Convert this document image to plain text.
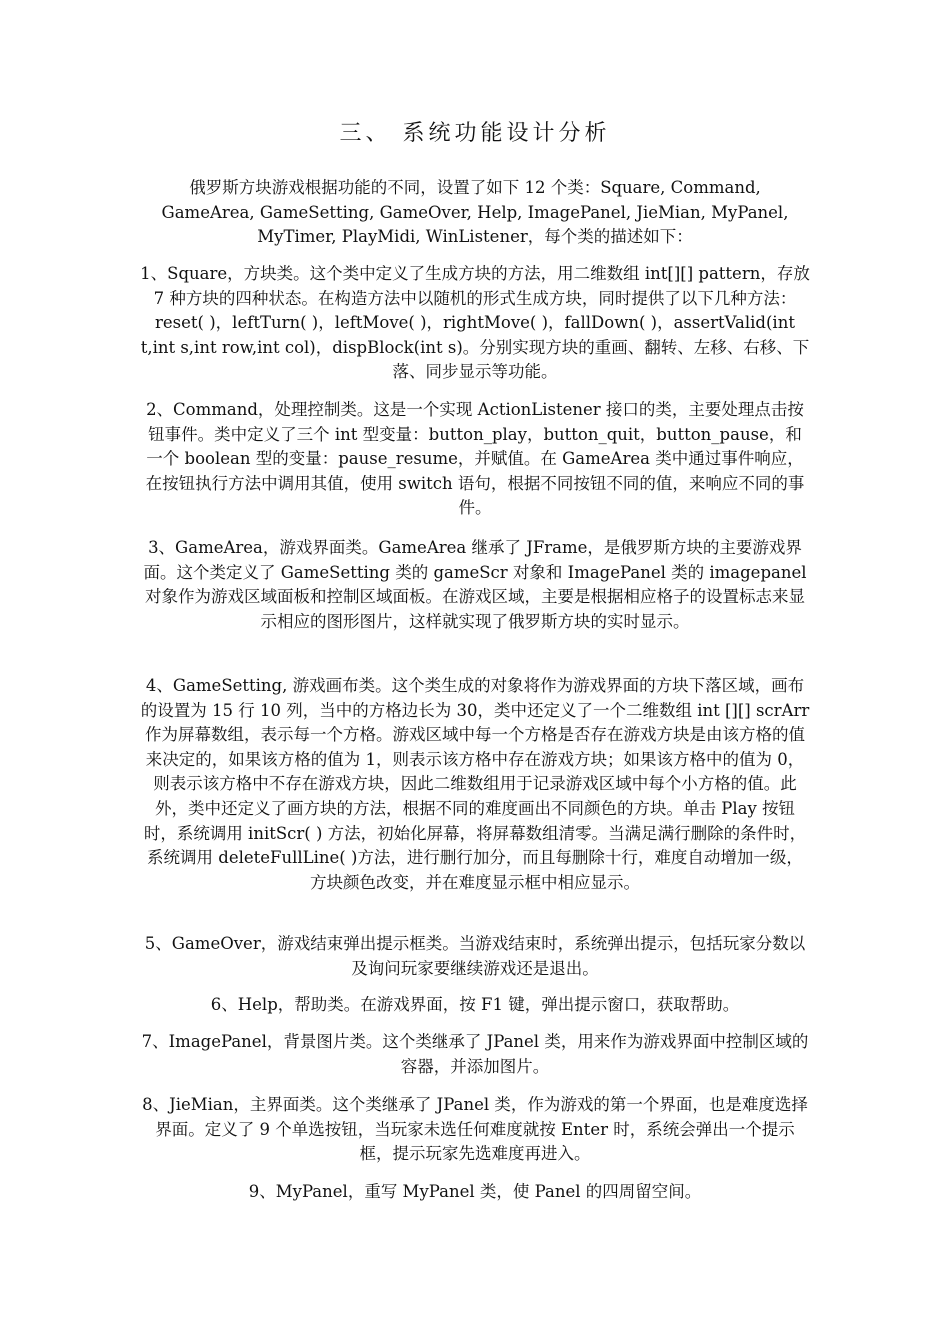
三、 系统功能设计分析

俄罗斯方块游戏根据功能的不同，设置了如下 12 个类：Square, Command, GameArea, GameSetting, GameOver, Help, ImagePanel, JieMian, MyPanel, MyTimer, PlayMidi, WinListener，每个类的描述如下：

1、Square，方块类。这个类中定义了生成方块的方法，用二维数组 int[][] pattern，存放 7 种方块的四种状态。在构造方法中以随机的形式生成方块，同时提供了以下几种方法：reset( )，leftTurn( )，leftMove( )，rightMove( )，fallDown( )，assertValid(int t,int s,int row,int col)，dispBlock(int s)。分别实现方块的重画、翻转、左移、右移、下落、同步显示等功能。

2、Command，处理控制类。这是一个实现 ActionListener 接口的类，主要处理点击按钮事件。类中定义了三个 int 型变量：button_play，button_quit，button_pause，和一个 boolean 型的变量：pause_resume，并赋值。在 GameArea 类中通过事件响应，在按钮执行方法中调用其值，使用 switch 语句，根据不同按钮不同的值，来响应不同的事件。

3、GameArea，游戏界面类。GameArea 继承了 JFrame，是俄罗斯方块的主要游戏界面。这个类定义了 GameSetting 类的 gameScr 对象和 ImagePanel 类的 imagepanel 对象作为游戏区域面板和控制区域面板。在游戏区域，主要是根据相应格子的设置标志来显示相应的图形图片，这样就实现了俄罗斯方块的实时显示。

4、GameSetting, 游戏画布类。这个类生成的对象将作为游戏界面的方块下落区域，画布的设置为 15 行 10 列，当中的方格边长为 30，类中还定义了一个二维数组 int [][] scrArr 作为屏幕数组，表示每一个方格。游戏区域中每一个方格是否存在游戏方块是由该方格的值来决定的，如果该方格的值为 1，则表示该方格中存在游戏方块；如果该方格中的值为 0，则表示该方格中不存在游戏方块，因此二维数组用于记录游戏区域中每个小方格的值。此外，类中还定义了画方块的方法，根据不同的难度画出不同颜色的方块。单击 Play 按钮时，系统调用 initScr( ) 方法，初始化屏幕，将屏幕数组清零。当满足满行删除的条件时，系统调用 deleteFullLine( )方法，进行删行加分，而且每删除十行，难度自动增加一级，方块颜色改变，并在难度显示框中相应显示。

5、GameOver，游戏结束弹出提示框类。当游戏结束时，系统弹出提示，包括玩家分数以及询问玩家要继续游戏还是退出。

6、Help，帮助类。在游戏界面，按 F1 键，弹出提示窗口，获取帮助。

7、ImagePanel，背景图片类。这个类继承了 JPanel 类，用来作为游戏界面中控制区域的容器，并添加图片。

8、JieMian，主界面类。这个类继承了 JPanel 类，作为游戏的第一个界面，也是难度选择界面。定义了 9 个单选按钮，当玩家未选任何难度就按 Enter 时，系统会弹出一个提示框，提示玩家先选难度再进入。

9、MyPanel，重写 MyPanel 类，使 Panel 的四周留空间。
